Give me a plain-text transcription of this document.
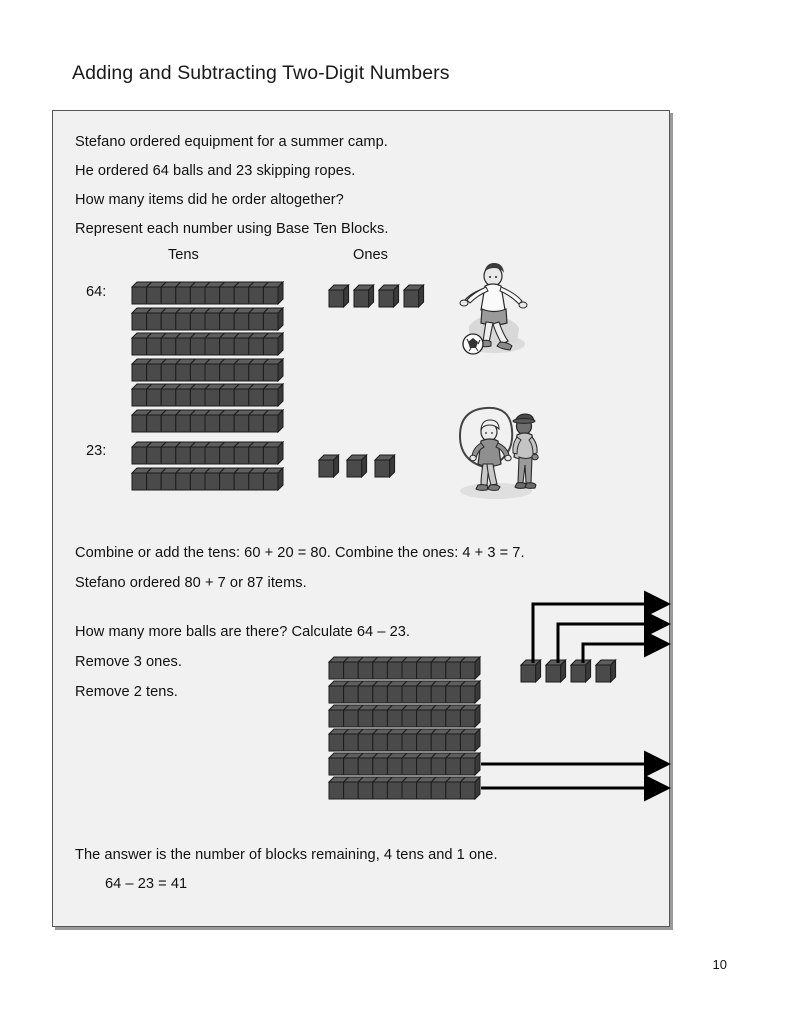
Adding and Subtracting Two-Digit Numbers
Stefano ordered equipment for a summer camp.
He ordered 64 balls and 23 skipping ropes.
How many items did he order altogether?
Represent each number using Base Ten Blocks.
Tens	Ones
64:
23:
Combine or add the tens: 60 + 20 = 80. Combine the ones: 4 + 3 = 7.
Stefano ordered 80 + 7 or 87 items.
How many more balls are there? Calculate 64 – 23.
Remove 3 ones.
Remove 2 tens.
The answer is the number of blocks remaining, 4 tens and 1 one.
64 – 23 = 41
10
